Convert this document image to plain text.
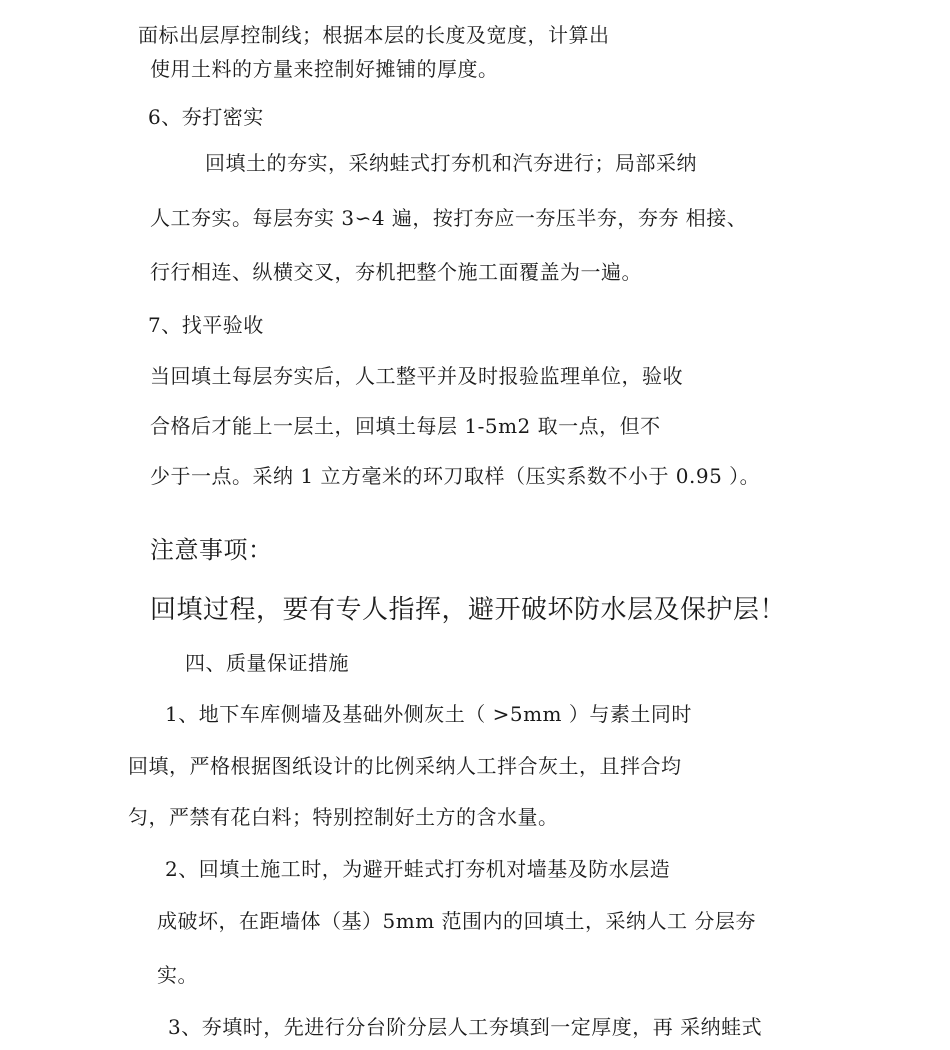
面标出层厚控制线；根据本层的长度及宽度，计算出
使用土料的方量来控制好摊铺的厚度。
6、夯打密实
回填土的夯实，采纳蛙式打夯机和汽夯进行；局部采纳
人工夯实。每层夯实 3∽4 遍，按打夯应一夯压半夯，夯夯 相接、
行行相连、纵横交叉，夯机把整个施工面覆盖为一遍。
7、找平验收
当回填土每层夯实后，人工整平并及时报验监理单位，验收
合格后才能上一层土，回填土每层 1-5m2 取一点，但不
少于一点。采纳 1 立方毫米的环刀取样（压实系数不小于 0.95 ）。
注意事项：
回填过程，要有专人指挥，避开破坏防水层及保护层！
四、质量保证措施
1、地下车库侧墙及基础外侧灰土（ >5mm ）与素土同时
回填，严格根据图纸设计的比例采纳人工拌合灰土，且拌合均
匀，严禁有花白料；特别控制好土方的含水量。
2、回填土施工时，为避开蛙式打夯机对墙基及防水层造
成破坏，在距墙体（基）5mm 范围内的回填土，采纳人工 分层夯
实。
3、夯填时，先进行分台阶分层人工夯填到一定厚度，再 采纳蛙式
